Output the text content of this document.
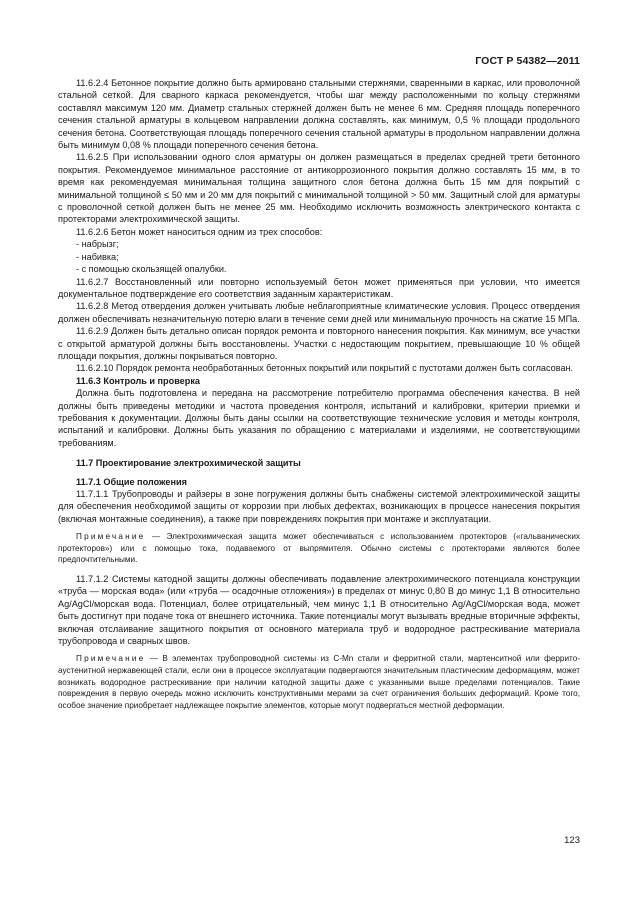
ГОСТ Р 54382—2011

11.6.2.4 Бетонное покрытие должно быть армировано стальными стержнями, сваренными в каркас, или проволочной стальной сеткой. Для сварного каркаса рекомендуется, чтобы шаг между расположенными по кольцу стержнями составлял максимум 120 мм. Диаметр стальных стержней должен быть не менее 6 мм. Средняя площадь поперечного сечения стальной арматуры в кольцевом направлении должна составлять, как минимум, 0,5 % площади продольного сечения бетона. Соответствующая площадь поперечного сечения стальной арматуры в продольном направлении должна быть минимум 0,08 % площади поперечного сечения бетона.

11.6.2.5 При использовании одного слоя арматуры он должен размещаться в пределах средней трети бетонного покрытия. Рекомендуемое минимальное расстояние от антикоррозионного покрытия должно составлять 15 мм, в то время как рекомендуемая минимальная толщина защитного слоя бетона должна быть 15 мм для покрытий с минимальной толщиной ≤ 50 мм и 20 мм для покрытий с минимальной толщиной > 50 мм. Защитный слой для арматуры с проволочной сеткой должен быть не менее 25 мм. Необходимо исключить возможность электрического контакта с протекторами электрохимической защиты.

11.6.2.6 Бетон может наноситься одним из трех способов:

- набрызг;

- набивка;

- с помощью скользящей опалубки.

11.6.2.7 Восстановленный или повторно используемый бетон может применяться при условии, что имеется документальное подтверждение его соответствия заданным характеристикам.

11.6.2.8 Метод отвердения должен учитывать любые неблагоприятные климатические условия. Процесс отвердения должен обеспечивать незначительную потерю влаги в течение семи дней или минимальную прочность на сжатие 15 МПа.

11.6.2.9 Должен быть детально описан порядок ремонта и повторного нанесения покрытия. Как минимум, все участки с открытой арматурой должны быть восстановлены. Участки с недостающим покрытием, превышающие 10 % общей площади покрытия, должны покрываться повторно.

11.6.2.10 Порядок ремонта необработанных бетонных покрытий или покрытий с пустотами должен быть согласован.

11.6.3 Контроль и проверка

Должна быть подготовлена и передана на рассмотрение потребителю программа обеспечения качества. В ней должны быть приведены методики и частота проведения контроля, испытаний и калибровки, критерии приемки и требования к документации. Должны быть даны ссылки на соответствующие технические условия и методы контроля, испытаний и калибровки. Должны быть указания по обращению с материалами и изделиями, не соответствующими требованиям.

11.7 Проектирование электрохимической защиты

11.7.1 Общие положения

11.7.1.1 Трубопроводы и райзеры в зоне погружения должны быть снабжены системой электрохимической защиты для обеспечения необходимой защиты от коррозии при любых дефектах, возникающих в процессе нанесения покрытия (включая монтажные соединения), а также при повреждениях покрытия при монтаже и эксплуатации.

Примечание — Электрохимическая защита может обеспечиваться с использованием протекторов («гальванических протекторов») или с помощью тока, подаваемого от выпрямителя. Обычно системы с протекторами являются более предпочтительными.

11.7.1.2 Системы катодной защиты должны обеспечивать подавление электрохимического потенциала конструкции «труба — морская вода» (или «труба — осадочные отложения») в пределах от минус 0,80 В до минус 1,1 В относительно Ag/AgCl/морская вода. Потенциал, более отрицательный, чем минус 1,1 В относительно Ag/AgCl/морская вода, может быть достигнут при подаче тока от внешнего источника. Такие потенциалы могут вызывать вредные вторичные эффекты, включая отслаивание защитного покрытия от основного материала труб и водородное растрескивание материала трубопровода и сварных швов.

Примечание — В элементах трубопроводной системы из С-Mn стали и ферритной стали, мартенситной или феррито-аустенитной нержавеющей стали, если они в процессе эксплуатации подвергаются значительным пластическим деформациям, может возникать водородное растрескивание при наличии катодной защиты даже с указанными выше пределами потенциалов. Такие повреждения в первую очередь можно исключить конструктивными мерами за счет ограничения больших деформаций. Кроме того, особое значение приобретает надлежащее покрытие элементов, которые могут подвергаться местной деформации.

123
